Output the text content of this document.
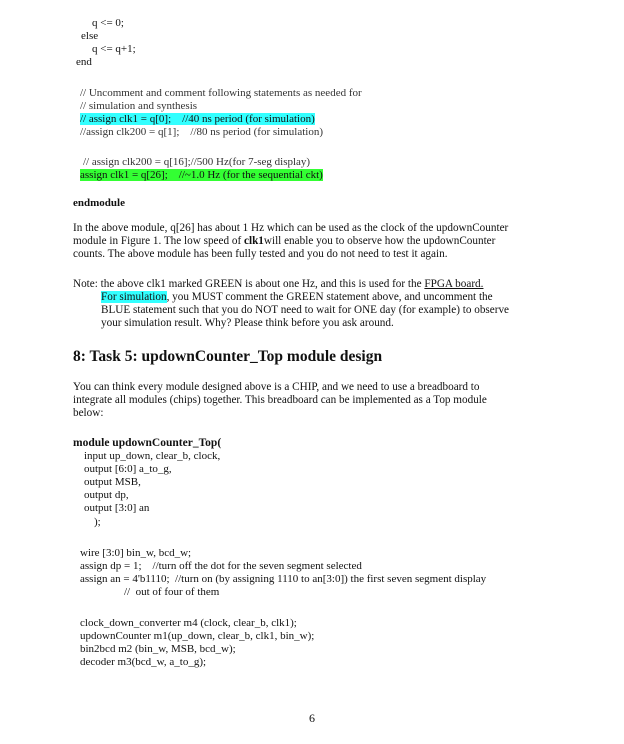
q <= 0;
else
q <= q+1;
end
// Uncomment and comment following statements as needed for
// simulation and synthesis
// assign clk1 = q[0];    //40 ns period (for simulation)
//assign clk200 = q[1];    //80 ns period (for simulation)
// assign clk200 = q[16];//500 Hz(for 7-seg display)
assign clk1 = q[26];    //~1.0 Hz (for the sequential ckt)
endmodule
In the above module, q[26] has about 1 Hz which can be used as the clock of the updownCounter
module in Figure 1. The low speed of clk1will enable you to observe how the updownCounter
counts. The above module has been fully tested and you do not need to test it again.
Note: the above clk1 marked GREEN is about one Hz, and this is used for the FPGA board.
For simulation, you MUST comment the GREEN statement above, and uncomment the
BLUE statement such that you do NOT need to wait for ONE day (for example) to observe
your simulation result. Why? Please think before you ask around.
8: Task 5: updownCounter_Top module design
You can think every module designed above is a CHIP, and we need to use a breadboard to
integrate all modules (chips) together. This breadboard can be implemented as a Top module
below:
module updownCounter_Top(
input up_down, clear_b, clock,
output [6:0] a_to_g,
output MSB,
output dp,
output [3:0] an
);
wire [3:0] bin_w, bcd_w;
assign dp = 1;    //turn off the dot for the seven segment selected
assign an = 4'b1110;  //turn on (by assigning 1110 to an[3:0]) the first seven segment display
//  out of four of them
clock_down_converter m4 (clock, clear_b, clk1);
updownCounter m1(up_down, clear_b, clk1, bin_w);
bin2bcd m2 (bin_w, MSB, bcd_w);
decoder m3(bcd_w, a_to_g);
6
